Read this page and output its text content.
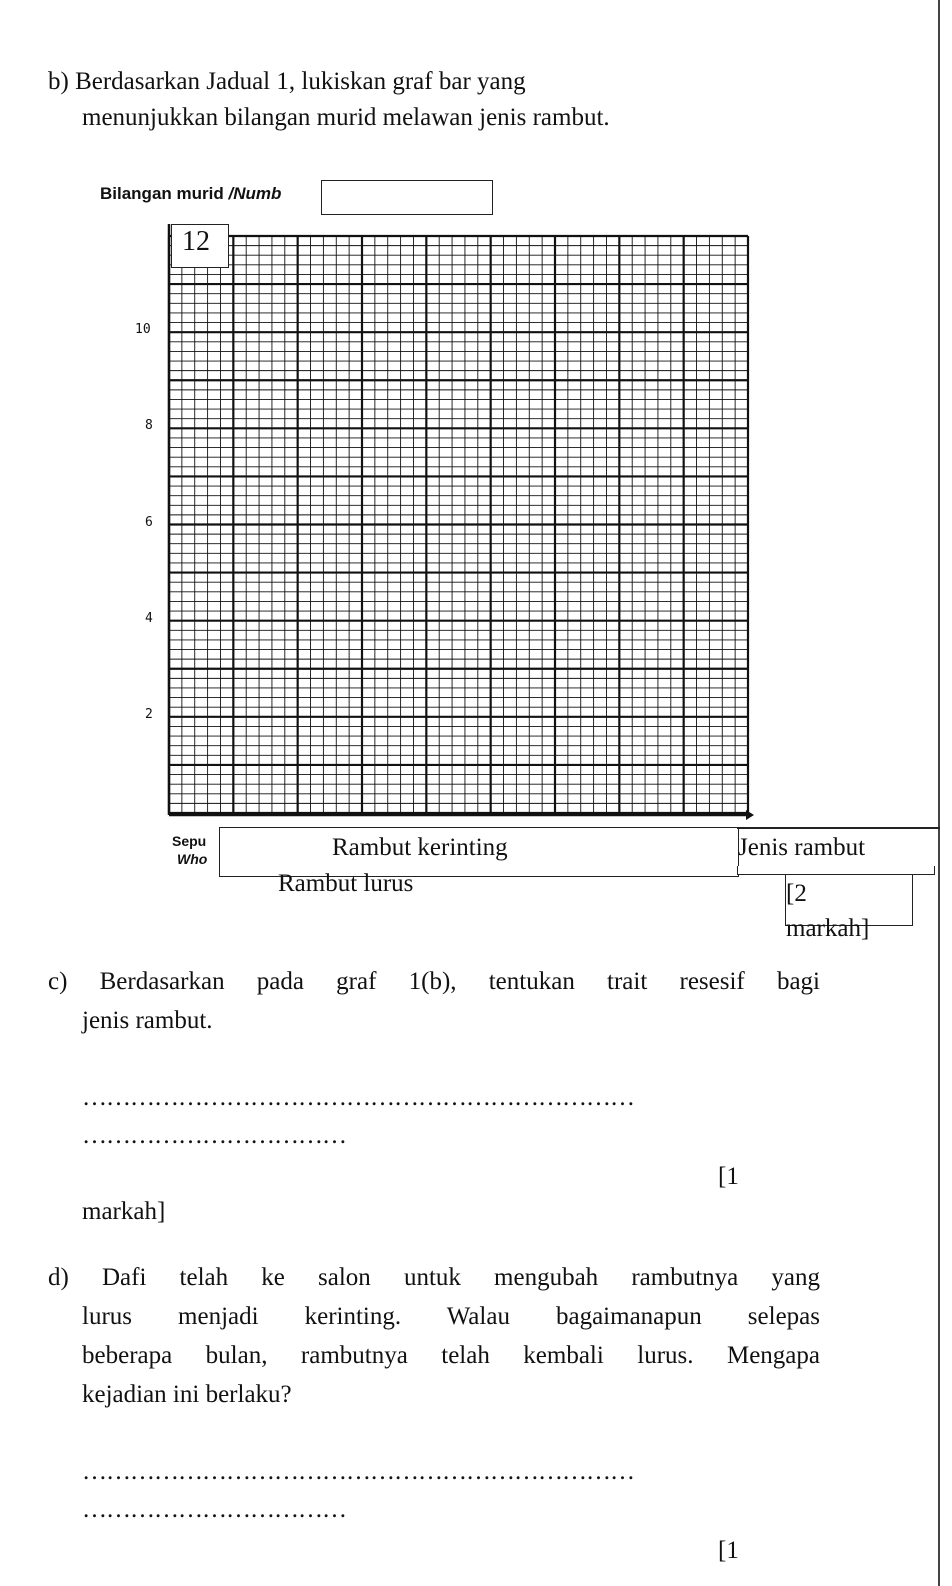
b) Berdasarkan Jadual 1, lukiskan graf bar yang
menunjukkan bilangan murid melawan jenis rambut.
Bilangan murid /Numb
12
10
8
6
4
2
Sepu
Who	Rambut kerinting	Jenis rambut
Rambut lurus	[2
markah]
c) Berdasarkan pada graf 1(b), tentukan trait resesif bagi
jenis rambut.
……………………………………………………………
……………………………
[1
markah]
d) Dafi telah ke salon untuk mengubah rambutnya yang
lurus menjadi kerinting. Walau bagaimanapun selepas
beberapa bulan, rambutnya telah kembali lurus. Mengapa
kejadian ini berlaku?
……………………………………………………………
……………………………
[1
